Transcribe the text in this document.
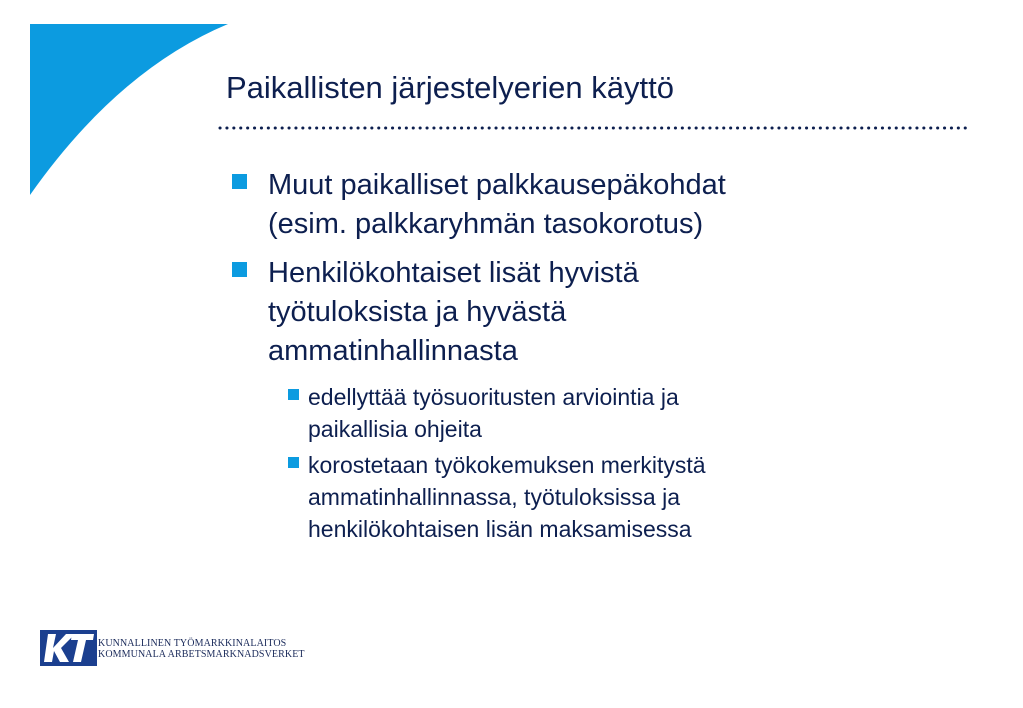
Paikallisten järjestelyerien käyttö
Muut paikalliset palkkausepäkohdat
(esim. palkkaryhmän tasokorotus)
Henkilökohtaiset lisät hyvistä
työtuloksista ja hyvästä
ammatinhallinnasta
edellyttää työsuoritusten arviointia ja
paikallisia ohjeita
korostetaan työkokemuksen merkitystä
ammatinhallinnassa, työtuloksissa ja
henkilökohtaisen lisän maksamisessa
KUNNALLINEN TYÖMARKKINALAITOS
KOMMUNALA ARBETSMARKNADSVERKET
